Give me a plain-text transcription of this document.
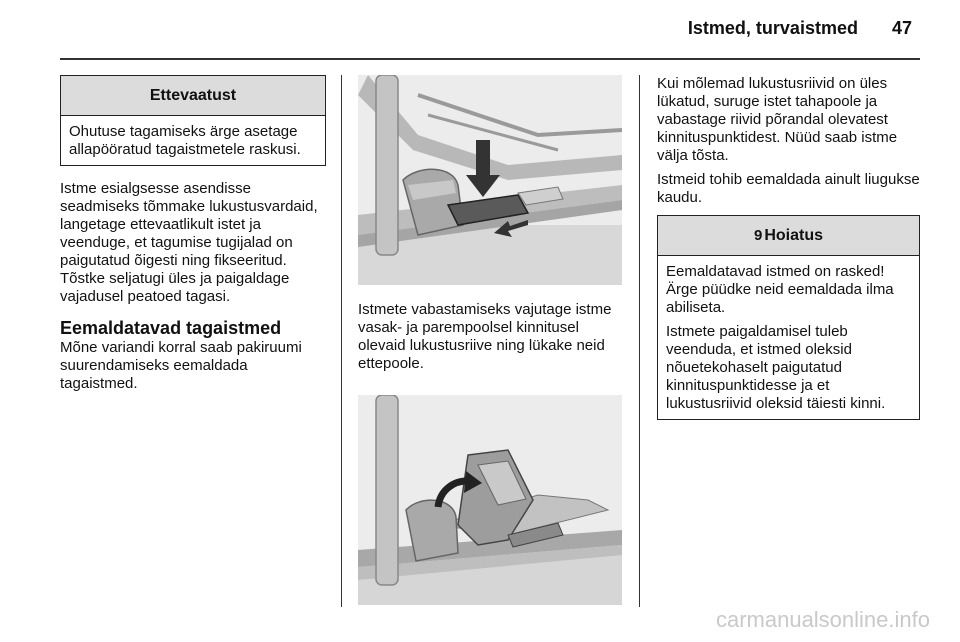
Istmed, turvaistmed 47
Ettevaatust

Ohutuse tagamiseks ärge asetage allapööratud tagaistmetele raskusi.

Istme esialgsesse asendisse seadmiseks tõmmake lukustusvardaid, langetage ettevaatlikult istet ja veenduge, et tagumise tugijalad on paigutatud õigesti ning fikseeritud. Tõstke seljatugi üles ja paigaldage vajadusel peatoed tagasi.

Eemaldatavad tagaistmed

Mõne variandi korral saab pakiruumi suurendamiseks eemaldada tagaistmed.

Istmete vabastamiseks vajutage istme vasak- ja parempoolsel kinnitusel olevaid lukustusriive ning lükake neid ettepoole.

Kui mõlemad lukustusriivid on üles lükatud, suruge istet tahapoole ja vabastage riivid põrandal olevatest kinnituspunktidest. Nüüd saab istme välja tõsta.

Istmeid tohib eemaldada ainult liugukse kaudu.

9 Hoiatus

Eemaldatavad istmed on rasked! Ärge püüdke neid eemaldada ilma abiliseta.

Istmete paigaldamisel tuleb veenduda, et istmed oleksid nõuetekohaselt paigutatud kinnituspunktidesse ja et lukustusriivid oleksid täiesti kinni.

carmanualsonline.info
